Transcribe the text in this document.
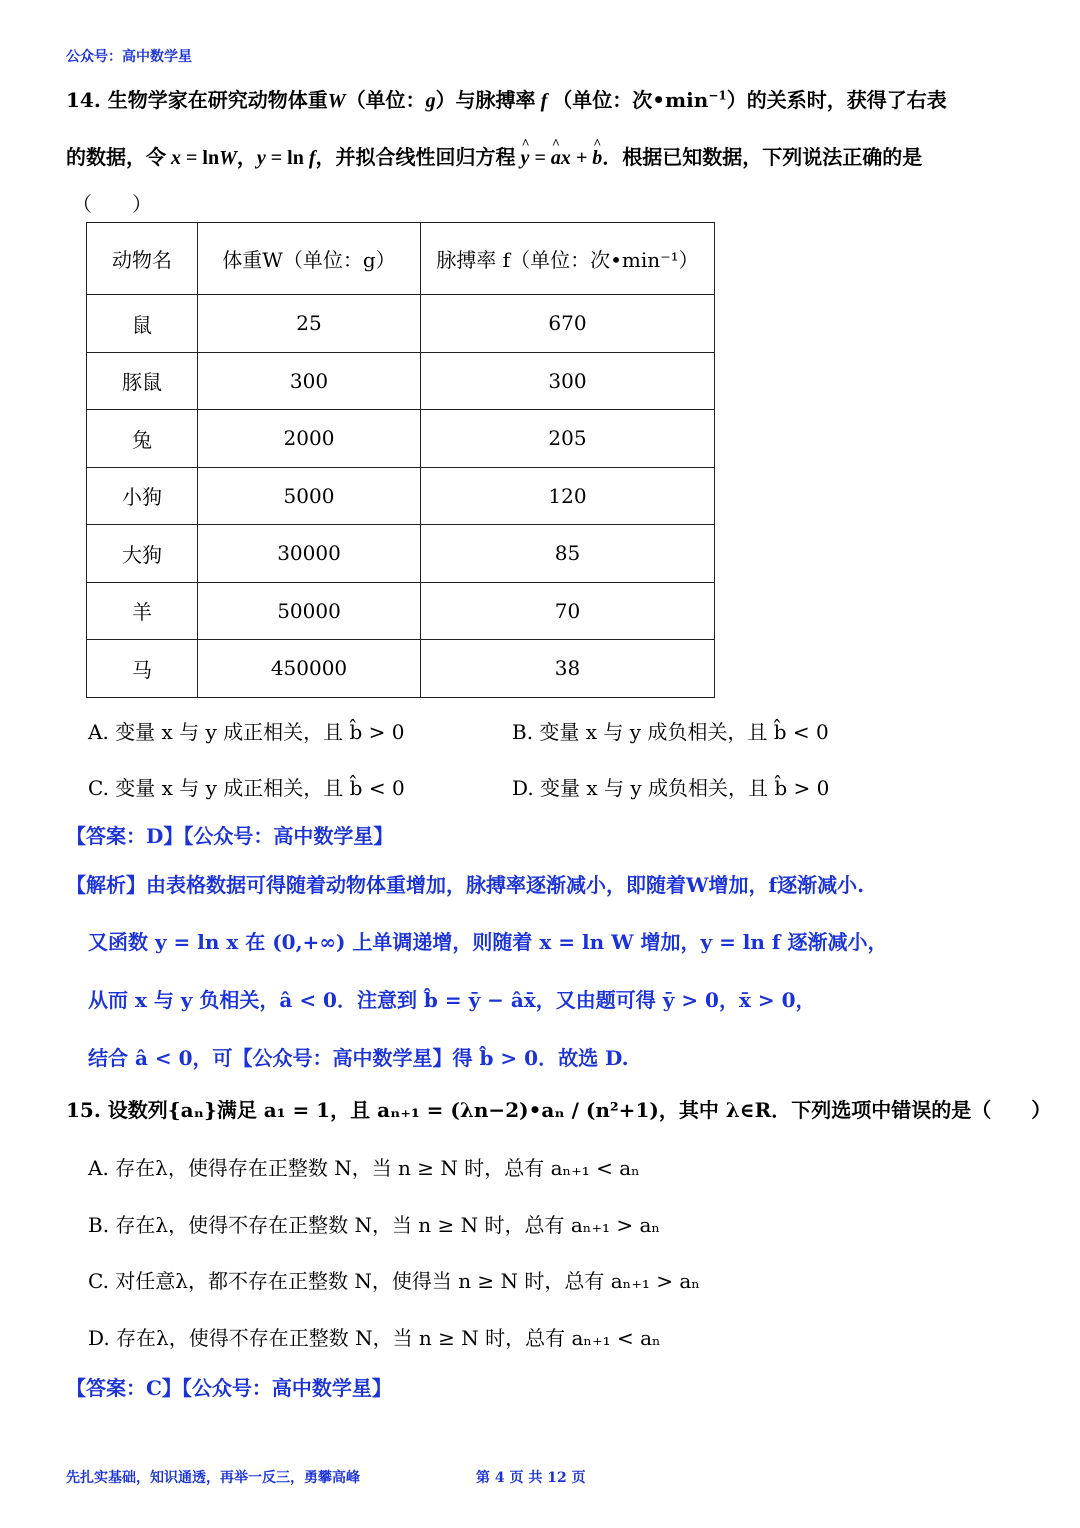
公众号：高中数学星
14. 生物学家在研究动物体重W（单位：g）与脉搏率 f （单位：次$•\min^{-1}$）的关系时，获得了右表
的数据，令 x = lnW，y = ln f，并拟合线性回归方程 ^ y = ^ ax + ^ b．根据已知数据，下列说法正确的是
（　　）
动物名	体重W（单位：g）	脉搏率 f（单位：次•min⁻¹）
鼠	25	670
豚鼠	300	300
兔	2000	205
小狗	5000	120
大狗	30000	85
羊	50000	70
马	450000	38
A. 变量 x 与 y 成正相关，且 b̂ > 0	B. 变量 x 与 y 成负相关，且 b̂ < 0
C. 变量 x 与 y 成正相关，且 b̂ < 0	D. 变量 x 与 y 成负相关，且 b̂ > 0
【答案：D】【公众号：高中数学星】
【解析】由表格数据可得随着动物体重增加，脉搏率逐渐减小，即随着W增加，f逐渐减小.
又函数 y = ln x 在 (0,+∞) 上单调递增，则随着 x = ln W 增加，y = ln f 逐渐减小，
从而 x 与 y 负相关，â < 0．注意到 b̂ = ȳ − âx̄，又由题可得 ȳ > 0，x̄ > 0，
结合 â < 0，可【公众号：高中数学星】得 b̂ > 0．故选 D.
15. 设数列{aₙ}满足 a₁ = 1，且 aₙ₊₁ = (λn−2)•aₙ / (n²+1)，其中 λ∈R．下列选项中错误的是（　　）
A. 存在λ，使得存在正整数 N，当 n ≥ N 时，总有 aₙ₊₁ < aₙ
B. 存在λ，使得不存在正整数 N，当 n ≥ N 时，总有 aₙ₊₁ > aₙ
C. 对任意λ，都不存在正整数 N，使得当 n ≥ N 时，总有 aₙ₊₁ > aₙ
D. 存在λ，使得不存在正整数 N，当 n ≥ N 时，总有 aₙ₊₁ < aₙ
【答案：C】【公众号：高中数学星】
先扎实基础，知识通透，再举一反三，勇攀高峰	第 4 页 共 12 页
